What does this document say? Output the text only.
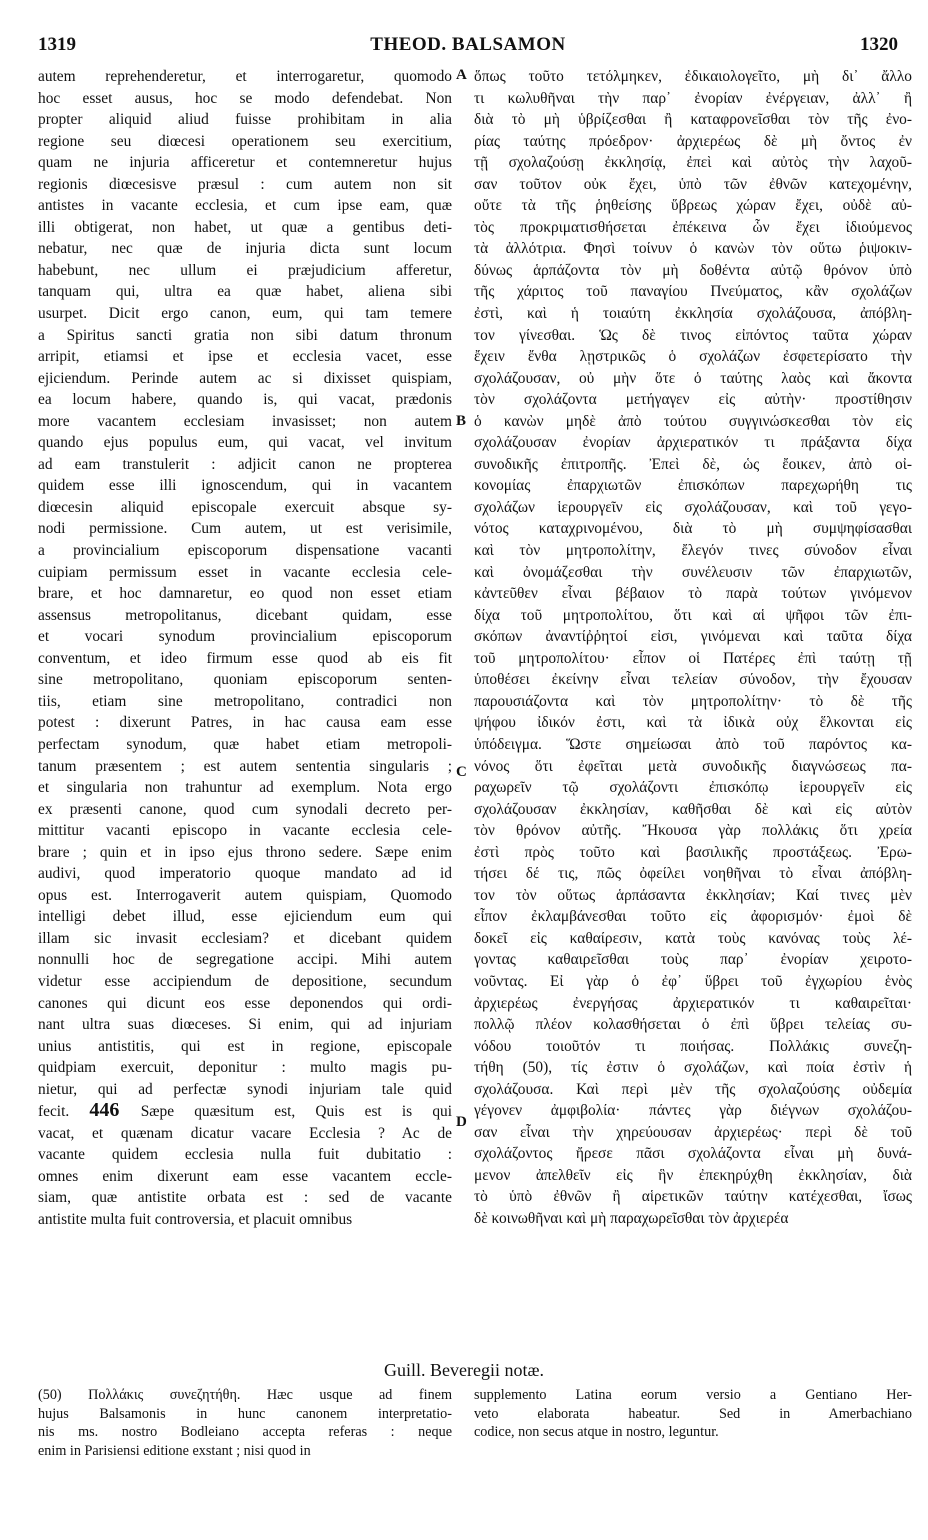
1319	THEOD. BALSAMON	1320

autem reprehenderetur, et interrogaretur, quomodo

hoc esset ausus, hoc se modo defendebat. Non

propter aliquid aliud fuisse prohibitam in alia

regione seu diœcesi operationem seu exercitium,

quam ne injuria afficeretur et contemneretur hujus

regionis diœcesisve præsul : cum autem non sit

antistes in vacante ecclesia, et cum ipse eam, quæ

illi obtigerat, non habet, ut quæ a gentibus deti-

nebatur, nec quæ de injuria dicta sunt locum

habebunt, nec ullum ei præjudicium afferetur,

tanquam qui, ultra ea quæ habet, aliena sibi

usurpet. Dicit ergo canon, eum, qui tam temere

a Spiritus sancti gratia non sibi datum thronum

arripit, etiamsi et ipse et ecclesia vacet, esse

ejiciendum. Perinde autem ac si dixisset quispiam,

ea locum habere, quando is, qui vacat, prædonis

more vacantem ecclesiam invasisset; non autem

quando ejus populus eum, qui vacat, vel invitum

ad eam transtulerit : adjicit canon ne propterea

quidem esse illi ignoscendum, qui in vacantem

diœcesin aliquid episcopale exercuit absque sy-

nodi permissione. Cum autem, ut est verisimile,

a provincialium episcoporum dispensatione vacanti

cuipiam permissum esset in vacante ecclesia cele-

brare, et hoc damnaretur, eo quod non esset etiam

assensus metropolitanus, dicebant quidam, esse

et vocari synodum provincialium episcoporum

conventum, et ideo firmum esse quod ab eis fit

sine metropolitano, quoniam episcoporum senten-

tiis, etiam sine metropolitano, contradici non

potest : dixerunt Patres, in hac causa eam esse

perfectam synodum, quæ habet etiam metropoli-

tanum præsentem ; est autem sententia singularis ;

et singularia non trahuntur ad exemplum. Nota ergo

ex præsenti canone, quod cum synodali decreto per-

mittitur vacanti episcopo in vacante ecclesia cele-

brare ; quin et in ipso ejus throno sedere. Sæpe enim

audivi, quod imperatorio quoque mandato ad id

opus est. Interrogaverit autem quispiam, Quomodo

intelligi debet illud, esse ejiciendum eum qui

illam sic invasit ecclesiam? et dicebant quidem

nonnulli hoc de segregatione accipi. Mihi autem

videtur esse accipiendum de depositione, secundum

canones qui dicunt eos esse deponendos qui ordi-

nant ultra suas diœceses. Si enim, qui ad injuriam

unius antistitis, qui est in regione, episcopale

quidpiam exercuit, deponitur : multo magis pu-

nietur, qui ad perfectæ synodi injuriam tale quid

fecit. 446 Sæpe quæsitum est, Quis est is qui

vacat, et quænam dicatur vacare Ecclesia ? Ac de

vacante quidem ecclesia nulla fuit dubitatio :

omnes enim dixerunt eam esse vacantem eccle-

siam, quæ antistite orbata est : sed de vacante

antistite multa fuit controversia, et placuit omnibus

ὅπως τοῦτο τετόλμηκεν, ἐδικαιολογεῖτο, μὴ δι᾽ ἄλλο

τι κωλυθῆναι τὴν παρ᾽ ἐνορίαν ἐνέργειαν, ἀλλ᾽ ἢ

διὰ τὸ μὴ ὑβρίζεσθαι ἢ καταφρονεῖσθαι τὸν τῆς ἐνο-

ρίας ταύτης πρόεδρον· ἀρχιερέως δὲ μὴ ὄντος ἐν

τῇ σχολαζούσῃ ἐκκλησίᾳ, ἐπεὶ καὶ αὐτὸς τὴν λαχοῦ-

σαν τοῦτον οὐκ ἔχει, ὑπὸ τῶν ἐθνῶν κατεχομένην,

οὔτε τὰ τῆς ῥηθείσης ὕβρεως χώραν ἔχει, οὐδὲ αὐ-

τὸς προκριματισθήσεται ἐπέκεινα ὧν ἔχει ἰδιούμενος

τὰ ἀλλότρια. Φησὶ τοίνυν ὁ κανὼν τὸν οὕτω ῥιψοκιν-

δύνως ἁρπάζοντα τὸν μὴ δοθέντα αὐτῷ θρόνον ὑπὸ

τῆς χάριτος τοῦ παναγίου Πνεύματος, κἂν σχολάζων

ἐστὶ, καὶ ἡ τοιαύτη ἐκκλησία σχολάζουσα, ἀπόβλη-

τον γίνεσθαι. Ὡς δὲ τινος εἰπόντος ταῦτα χώραν

ἔχειν ἔνθα λῃστρικῶς ὁ σχολάζων ἐσφετερίσατο τὴν

σχολάζουσαν, οὐ μὴν ὅτε ὁ ταύτης λαὸς καὶ ἄκοντα

τὸν σχολάζοντα μετήγαγεν εἰς αὐτὴν· προστίθησιν

ὁ κανὼν μηδὲ ἀπὸ τούτου συγγινώσκεσθαι τὸν εἰς

σχολάζουσαν ἐνορίαν ἀρχιερατικόν τι πράξαντα δίχα

συνοδικῆς ἐπιτροπῆς. Ἐπεὶ δὲ, ὡς ἔοικεν, ἀπὸ οἰ-

κονομίας ἐπαρχιωτῶν ἐπισκόπων παρεχωρήθη τις

σχολάζων ἱερουργεῖν εἰς σχολάζουσαν, καὶ τοῦ γεγο-

νότος καταχρινομένου, διὰ τὸ μὴ συμψηφίσασθαι

καὶ τὸν μητροπολίτην, ἔλεγόν τινες σύνοδον εἶναι

καὶ ὀνομάζεσθαι τὴν συνέλευσιν τῶν ἐπαρχιωτῶν,

κἀντεῦθεν εἶναι βέβαιον τὸ παρὰ τούτων γινόμενον

δίχα τοῦ μητροπολίτου, ὅτι καὶ αἱ ψῆφοι τῶν ἐπι-

σκόπων ἀναντίῤῥητοί εἰσι, γινόμεναι καὶ ταῦτα δίχα

τοῦ μητροπολίτου· εἶπον οἱ Πατέρες ἐπὶ ταύτῃ τῇ

ὑποθέσει ἐκείνην εἶναι τελείαν σύνοδον, τὴν ἔχουσαν

παρουσιάζοντα καὶ τὸν μητροπολίτην· τὸ δὲ τῆς

ψήφου ἰδικόν ἐστι, καὶ τὰ ἰδικὰ οὐχ ἕλκονται εἰς

ὑπόδειγμα. Ὥστε σημείωσαι ἀπὸ τοῦ παρόντος κα-

νόνος ὅτι ἐφεῖται μετὰ συνοδικῆς διαγνώσεως πα-

ραχωρεῖν τῷ σχολάζοντι ἐπισκόπῳ ἱερουργεῖν εἰς

σχολάζουσαν ἐκκλησίαν, καθῆσθαι δὲ καὶ εἰς αὐτὸν

τὸν θρόνον αὐτῆς. Ἤκουσα γὰρ πολλάκις ὅτι χρεία

ἐστὶ πρὸς τοῦτο καὶ βασιλικῆς προστάξεως. Ἐρω-

τήσει δέ τις, πῶς ὀφείλει νοηθῆναι τὸ εἶναι ἀπόβλη-

τον τὸν οὕτως ἁρπάσαντα ἐκκλησίαν; Καί τινες μὲν

εἶπον ἐκλαμβάνεσθαι τοῦτο εἰς ἀφορισμόν· ἐμοὶ δὲ

δοκεῖ εἰς καθαίρεσιν, κατὰ τοὺς κανόνας τοὺς λέ-

γοντας καθαιρεῖσθαι τοὺς παρ᾽ ἐνορίαν χειροτο-

νοῦντας. Εἰ γὰρ ὁ ἐφ᾽ ὕβρει τοῦ ἐγχωρίου ἑνὸς

ἀρχιερέως ἐνεργήσας ἀρχιερατικόν τι καθαιρεῖται·

πολλῷ πλέον κολασθήσεται ὁ ἐπὶ ὕβρει τελείας συ-

νόδου τοιοῦτόν τι ποιήσας. Πολλάκις συνεζη-

τήθη (50), τίς ἐστιν ὁ σχολάζων, καὶ ποία ἐστὶν ἡ

σχολάζουσα. Καὶ περὶ μὲν τῆς σχολαζούσης οὐδεμία

γέγονεν ἀμφιβολία· πάντες γὰρ διέγνων σχολάζου-

σαν εἶναι τὴν χηρεύουσαν ἀρχιερέως· περὶ δὲ τοῦ

σχολάζοντος ἤρεσε πᾶσι σχολάζοντα εἶναι μὴ δυνά-

μενον ἀπελθεῖν εἰς ἣν ἐπεκηρύχθη ἐκκλησίαν, διὰ

τὸ ὑπὸ ἐθνῶν ἢ αἱρετικῶν ταύτην κατέχεσθαι, ἴσως

δὲ κοινωθῆναι καὶ μὴ παραχωρεῖσθαι τὸν ἀρχιερέα

A
B
C
D
Guill. Beveregii notæ.

(50) Πολλάκις συνεζητήθη. Hæc usque ad finem

hujus Balsamonis in hunc canonem interpretatio-

nis ms. nostro Bodleiano accepta referas : neque

enim in Parisiensi editione exstant ; nisi quod in

supplemento Latina eorum versio a Gentiano Her-

veto elaborata habeatur. Sed in Amerbachiano

codice, non secus atque in nostro, leguntur.
